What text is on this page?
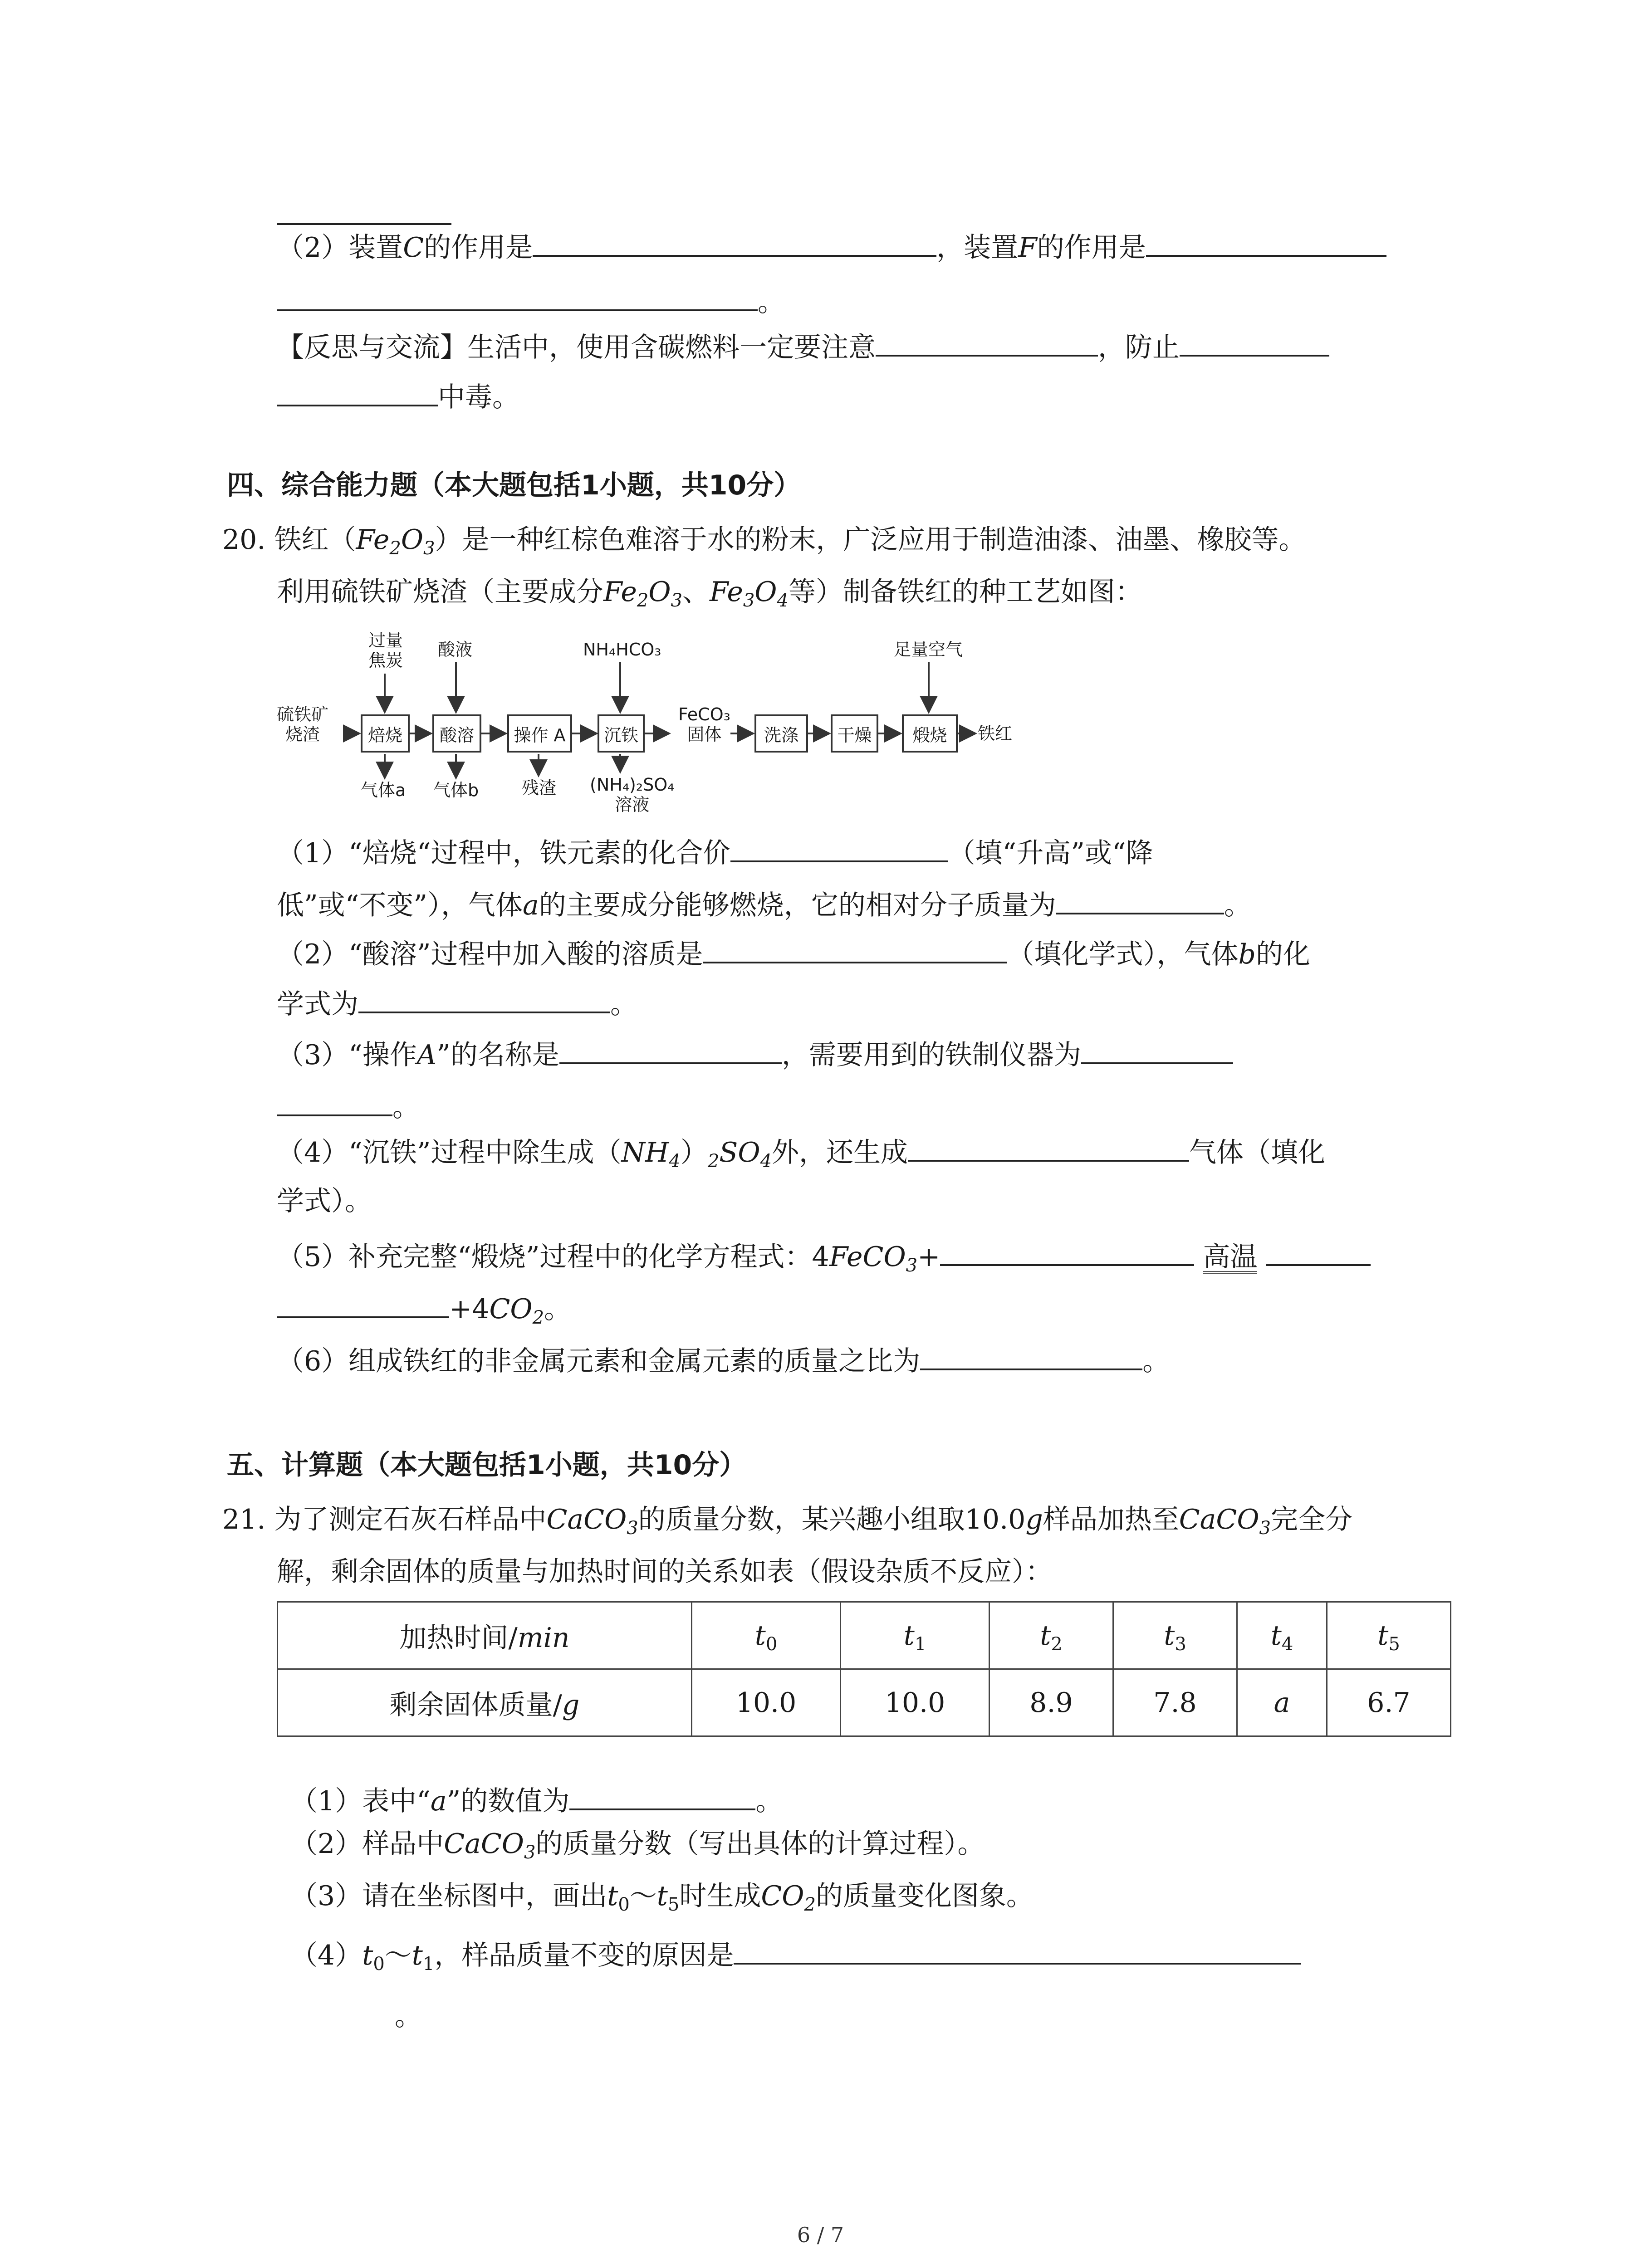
（2）装置C的作用是	，装置F的作用是
。
【反思与交流】生活中，使用含碳燃料一定要注意	，防止
中毒。
四、综合能力题（本大题包括1小题，共10分）
20. 铁红$(Fe_2O_3)$是一种红棕色难溶于水的粉末，广泛应用于制造油漆、油墨、橡胶等。
利用硫铁矿烧渣（主要成分$Fe_2O_3$、$Fe_3O_4$等）制备铁红的种工艺如图：
硫铁矿
烧渣
过量
焦炭
酸液	NH₄HCO₃	足量空气
焙烧	酸溶	操作 A	沉铁
FeCO₃
固体	洗涤	干燥	煅烧	铁红
气体a 气体b 残渣 (NH₄)₂SO₄
溶液
（1）“焙烧“过程中，铁元素的化合价	（填“升高”或“降
低”或“不变”），气体a的主要成分能够燃烧，它的相对分子质量为	。
（2）“酸溶”过程中加入酸的溶质是	（填化学式），气体b的化
学式为	。
（3）“操作A”的名称是	，需要用到的铁制仪器为
。
（4）“沉铁”过程中除生成$(NH_4)_2SO_4$外，还生成	气体（填化
学式）。
（5）补充完整“煅烧”过程中的化学方程式：4FeCO$_3$+	高温
$+4CO_2$。
（6）组成铁红的非金属元素和金属元素的质量之比为	。
五、计算题（本大题包括1小题，共10分）
21. 为了测定石灰石样品中CaCO$_3$的质量分数，某兴趣小组取10.0g样品加热至CaCO$_3$完全分
解，剩余固体的质量与加热时间的关系如表（假设杂质不反应）：
加热时间/min	$t_0$	$t_1$	$t_2$	$t_3$	$t_4$	$t_5$
剩余固体质量/g	10.0	10.0	8.9	7.8	a	6.7
（1）表中“a”的数值为	。
（2）样品中CaCO$_3$的质量分数（写出具体的计算过程）。
（3）请在坐标图中，画出$t_0\sim t_5$时生成$CO_2$的质量变化图象。
$(4)t_0\sim t_1$，样品质量不变的原因是
。
6 / 7
